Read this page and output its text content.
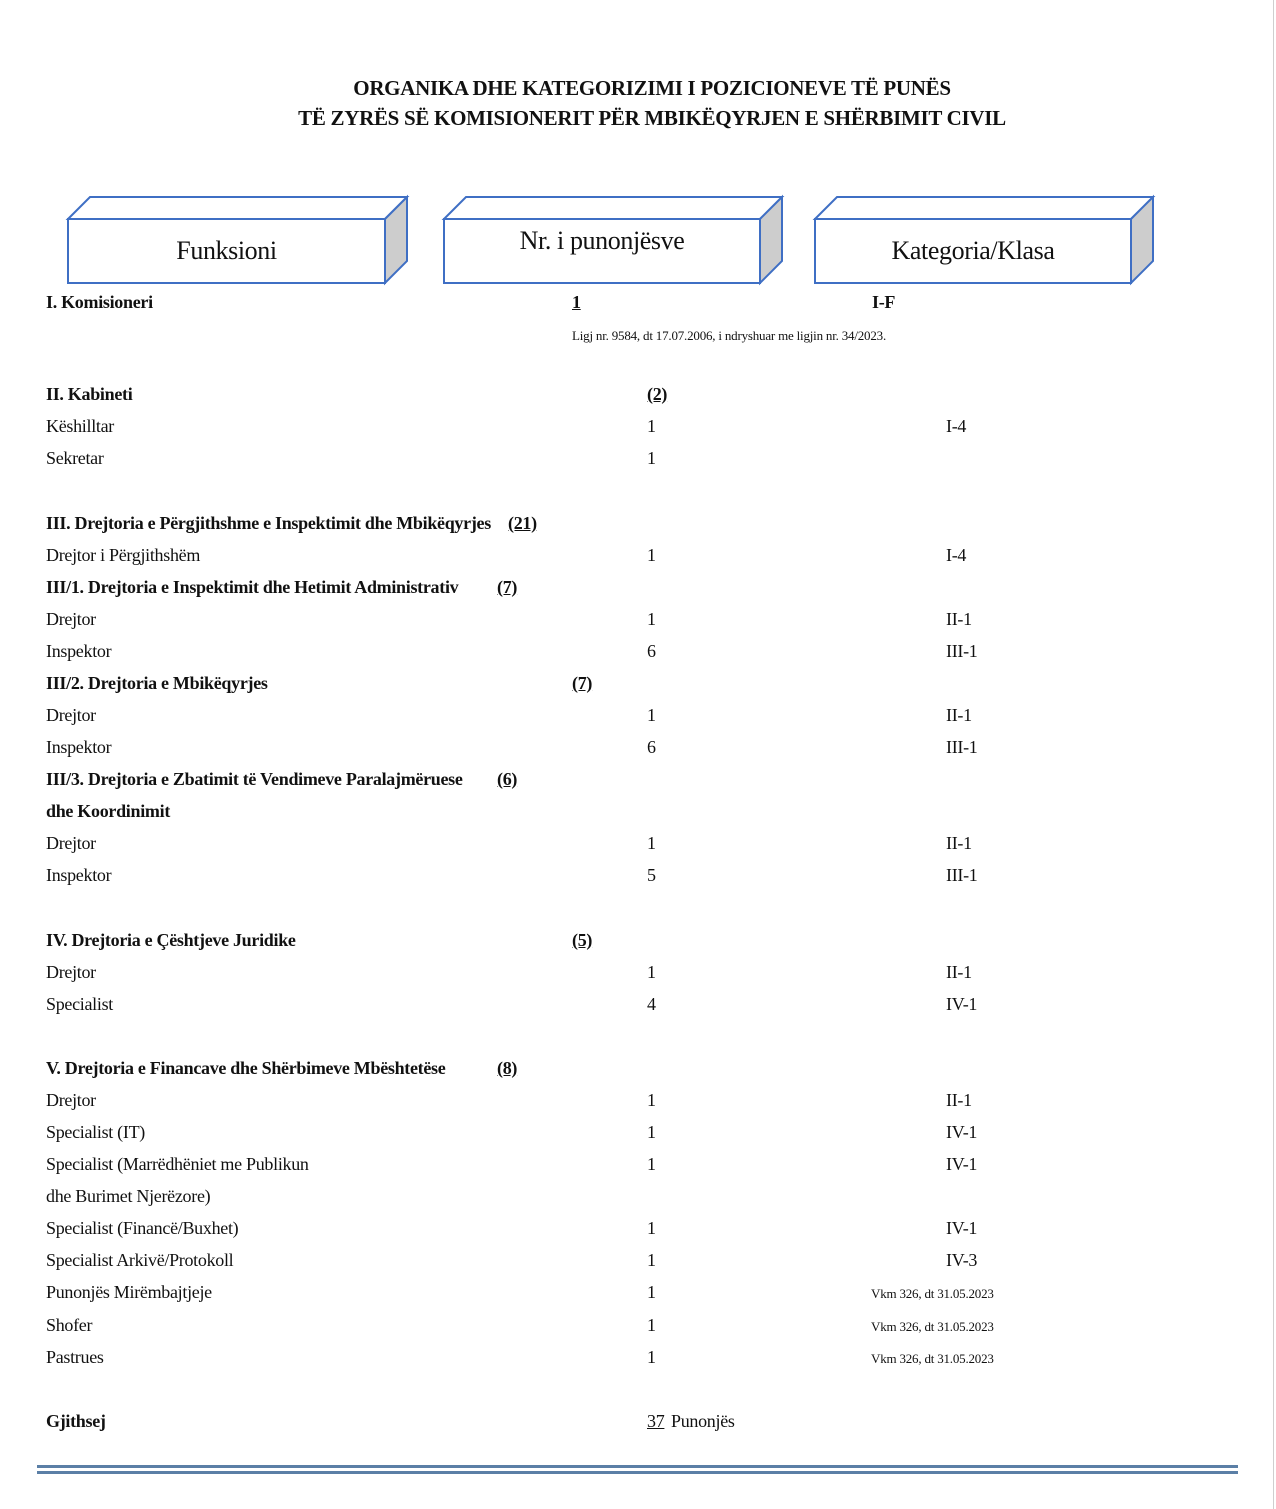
ORGANIKA DHE KATEGORIZIMI I POZICIONEVE TË PUNËS
TË ZYRËS SË KOMISIONERIT PËR MBIKËQYRJEN E SHËRBIMIT CIVIL
Funksioni	Nr. i punonjësve	Kategoria/Klasa
I. Komisioneri	1	I-F
Ligj nr. 9584, dt 17.07.2006, i ndryshuar me ligjin nr. 34/2023.
II. Kabineti	(2)
Këshilltar	1	I-4
Sekretar	1
III. Drejtoria e Përgjithshme e Inspektimit dhe Mbikëqyrjes (21)
Drejtor i Përgjithshëm	1	I-4
III/1. Drejtoria e Inspektimit dhe Hetimit Administrativ (7)
Drejtor	1	II-1
Inspektor	6	III-1
III/2. Drejtoria e Mbikëqyrjes	(7)
Drejtor	1	II-1
Inspektor	6	III-1
III/3. Drejtoria e Zbatimit të Vendimeve Paralajmëruese (6)
dhe Koordinimit
Drejtor	1	II-1
Inspektor	5	III-1
IV. Drejtoria e Çështjeve Juridike	(5)
Drejtor	1	II-1
Specialist	4	IV-1
V. Drejtoria e Financave dhe Shërbimeve Mbështetëse	(8)
Drejtor	1	II-1
Specialist (IT)	1	IV-1
Specialist (Marrëdhëniet me Publikun	1	IV-1
dhe Burimet Njerëzore)
Specialist (Financë/Buxhet)	1	IV-1
Specialist Arkivë/Protokoll	1	IV-3
Punonjës Mirëmbajtjeje	1	Vkm 326, dt 31.05.2023
Shofer	1	Vkm 326, dt 31.05.2023
Pastrues	1	Vkm 326, dt 31.05.2023
Gjithsej	37 Punonjës
